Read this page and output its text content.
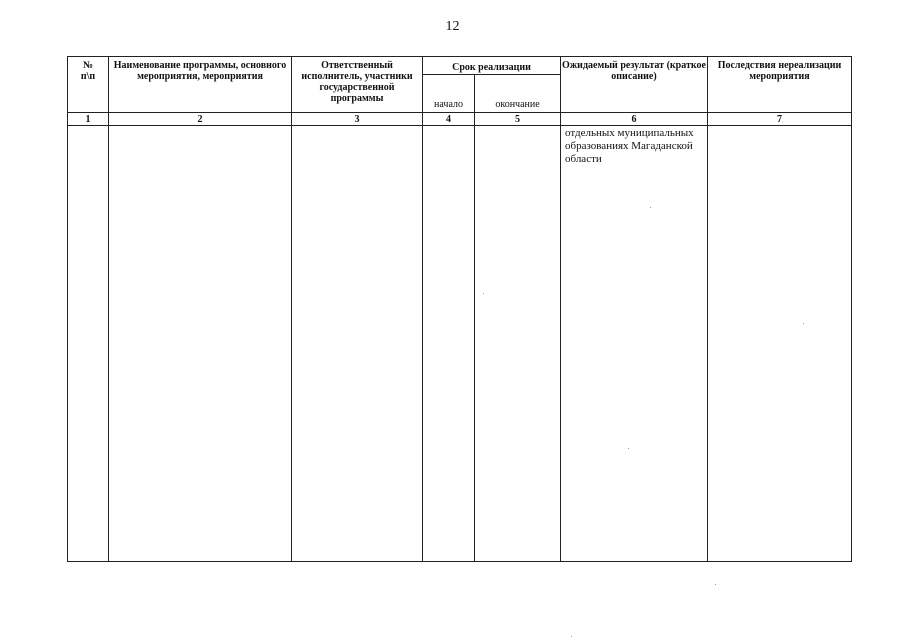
12
№
п\п	Наименование программы, основного мероприятия, мероприятия	Ответственный исполнитель, участники государственной программы	Срок реализации		Ожидаемый результат (краткое описание)	Последствия нереализации мероприятия
			начало	окончание		
1	2	3	4	5	6	7

					отдельных муниципальных образованиях Магаданской области	
